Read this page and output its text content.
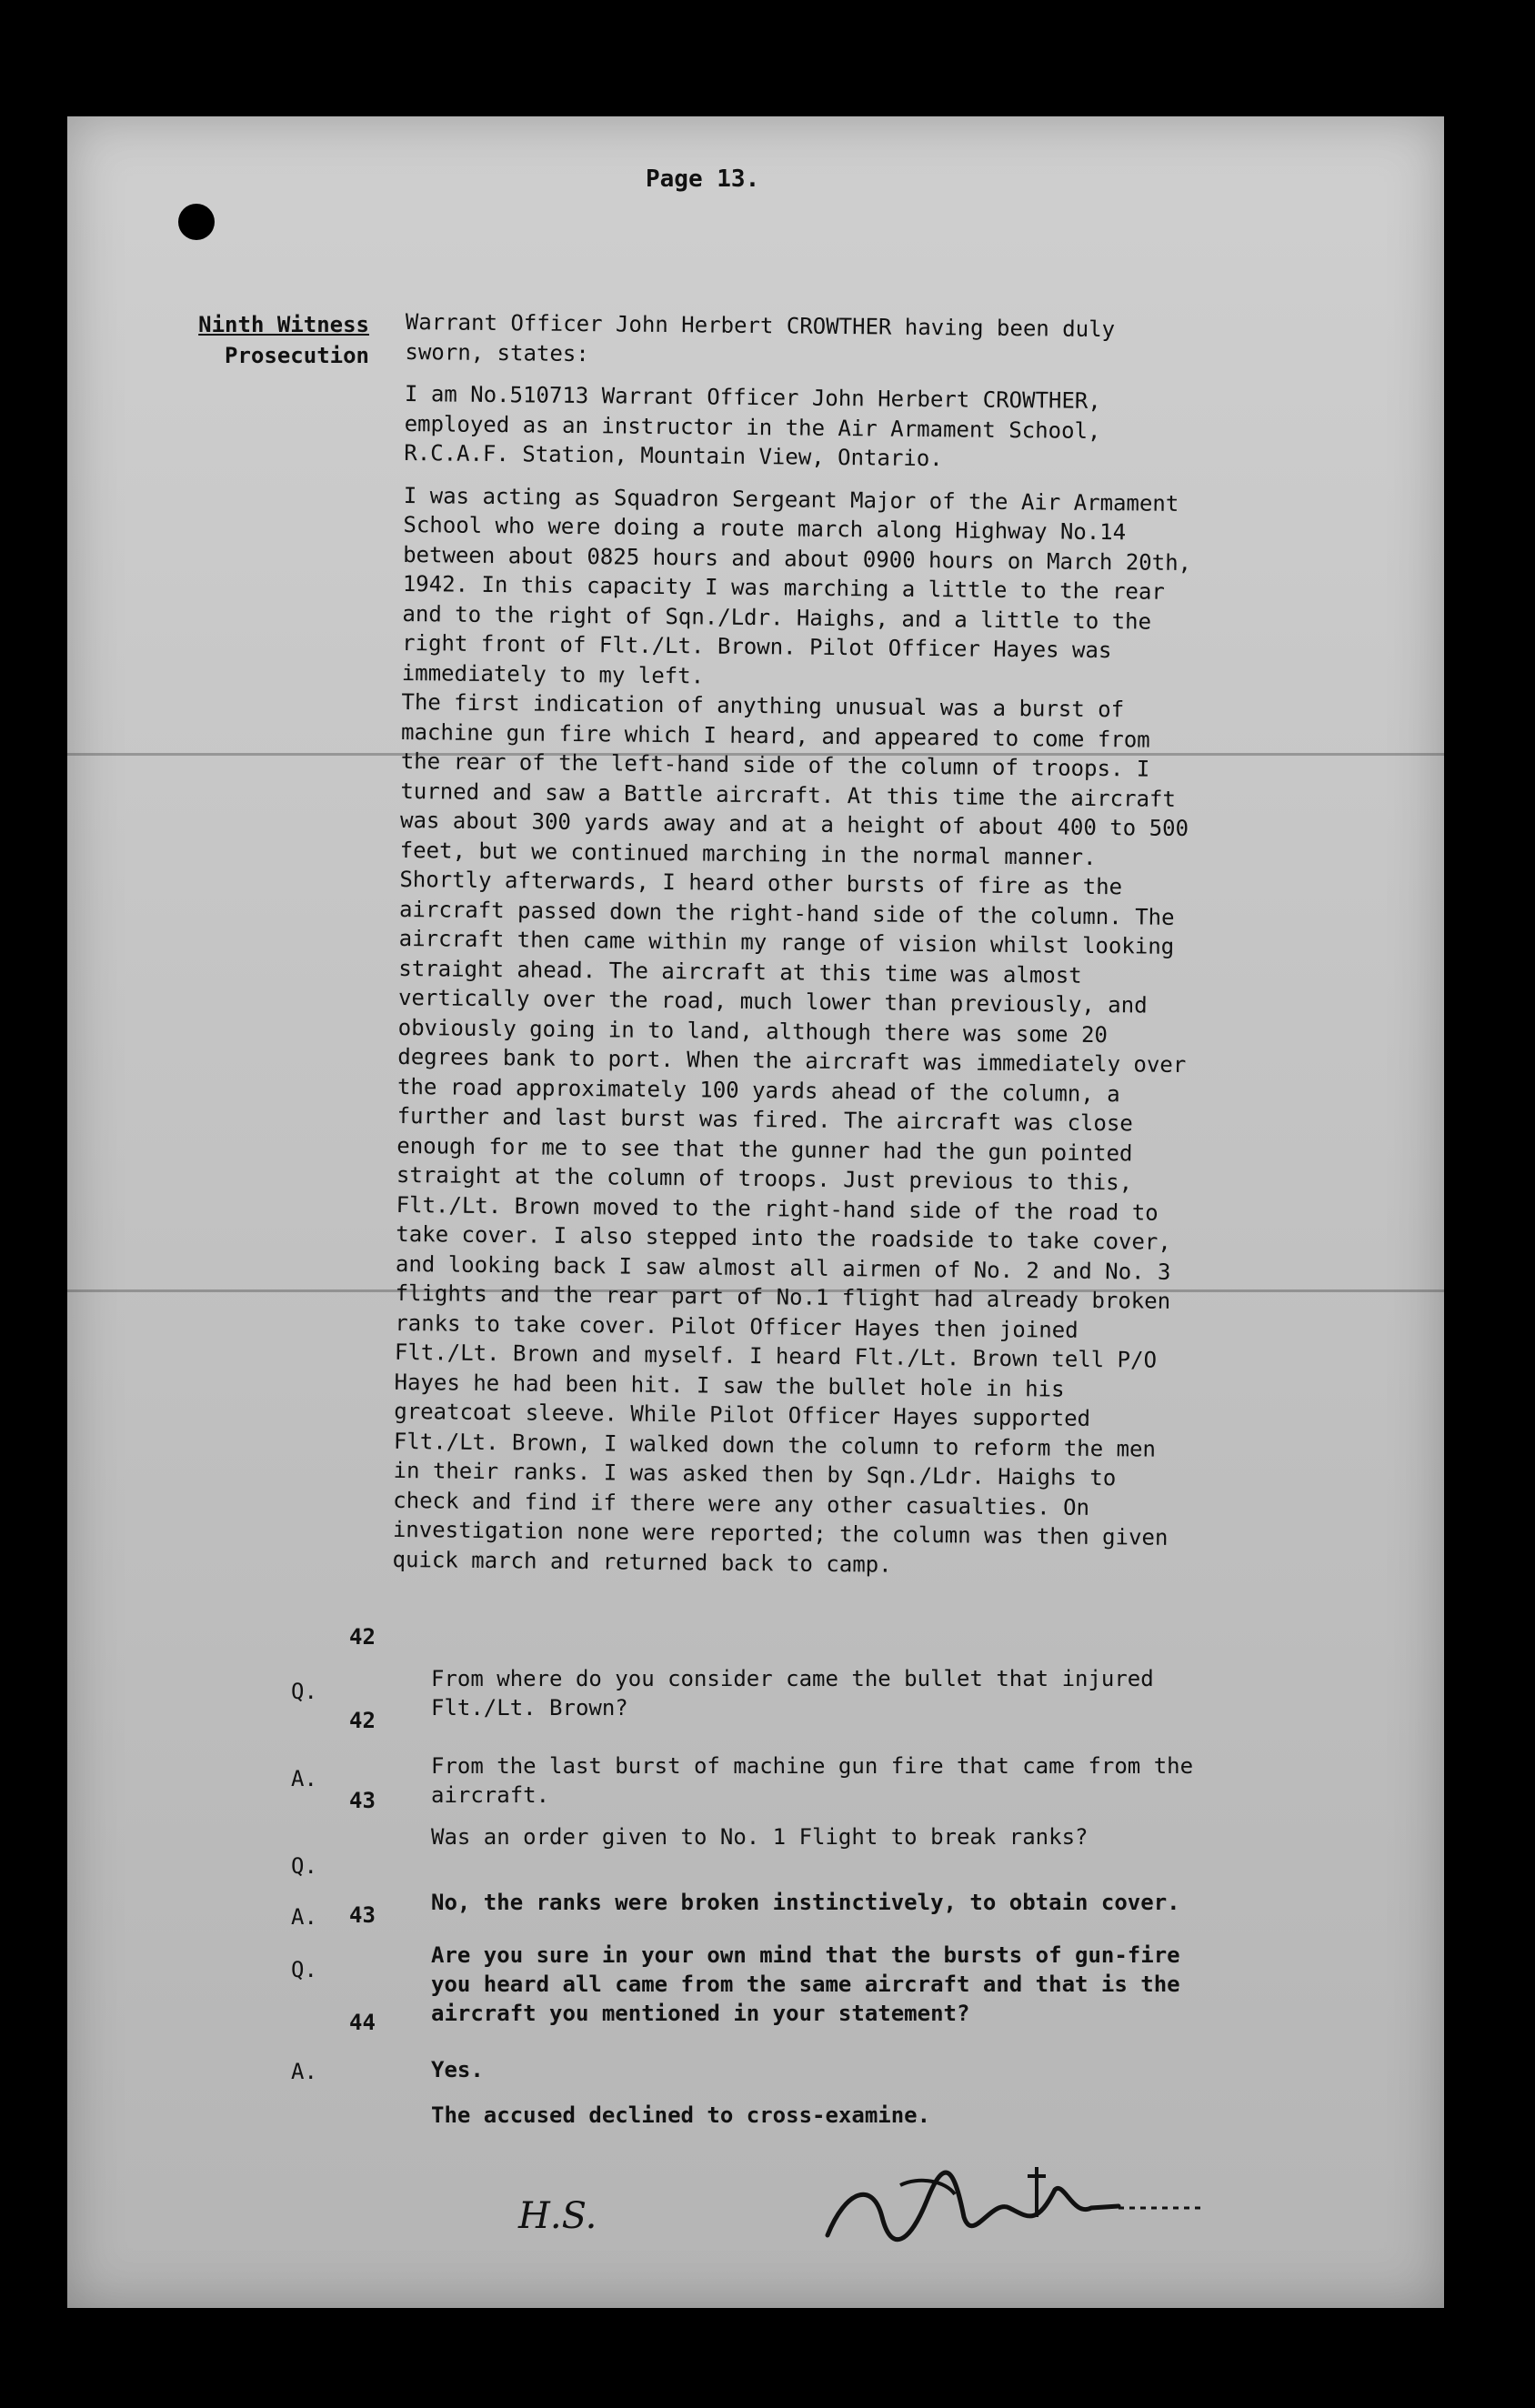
Page 13.
Ninth Witness
Prosecution

Warrant Officer John Herbert CROWTHER having been duly sworn, states:

I am No.510713 Warrant Officer John Herbert CROWTHER, employed as an instructor in the Air Armament School, R.C.A.F. Station, Mountain View, Ontario.

I was acting as Squadron Sergeant Major of the Air Armament School who were doing a route march along Highway No.14 between about 0825 hours and about 0900 hours on March 20th, 1942. In this capacity I was marching a little to the rear and to the right of Sqn./Ldr. Haighs, and a little to the right front of Flt./Lt. Brown. Pilot Officer Hayes was immediately to my left.

The first indication of anything unusual was a burst of machine gun fire which I heard, and appeared to come from the rear of the left-hand side of the column of troops. I turned and saw a Battle aircraft. At this time the aircraft was about 300 yards away and at a height of about 400 to 500 feet, but we continued marching in the normal manner. Shortly afterwards, I heard other bursts of fire as the aircraft passed down the right-hand side of the column. The aircraft then came within my range of vision whilst looking straight ahead. The aircraft at this time was almost vertically over the road, much lower than previously, and obviously going in to land, although there was some 20 degrees bank to port. When the aircraft was immediately over the road approximately 100 yards ahead of the column, a further and last burst was fired. The aircraft was close enough for me to see that the gunner had the gun pointed straight at the column of troops. Just previous to this, Flt./Lt. Brown moved to the right-hand side of the road to take cover. I also stepped into the roadside to take cover, and looking back I saw almost all airmen of No. 2 and No. 3 flights and the rear part of No.1 flight had already broken ranks to take cover. Pilot Officer Hayes then joined Flt./Lt. Brown and myself. I heard Flt./Lt. Brown tell P/O Hayes he had been hit. I saw the bullet hole in his greatcoat sleeve. While Pilot Officer Hayes supported Flt./Lt. Brown, I walked down the column to reform the men in their ranks. I was asked then by Sqn./Ldr. Haighs to check and find if there were any other casualties. On investigation none were reported; the column was then given quick march and returned back to camp.

42
Q.	From where do you consider came the bullet that injured Flt./Lt. Brown?
42
A.	From the last burst of machine gun fire that came from the aircraft.
43
Q.
Was an order given to No. 1 Flight to break ranks?
A.	43	No, the ranks were broken instinctively, to obtain cover.
Q.
Are you sure in your own mind that the bursts of gun-fire you heard all came from the same aircraft and that is the aircraft you mentioned in your statement?
44
A.	Yes.
The accused declined to cross-examine.
H.S.
